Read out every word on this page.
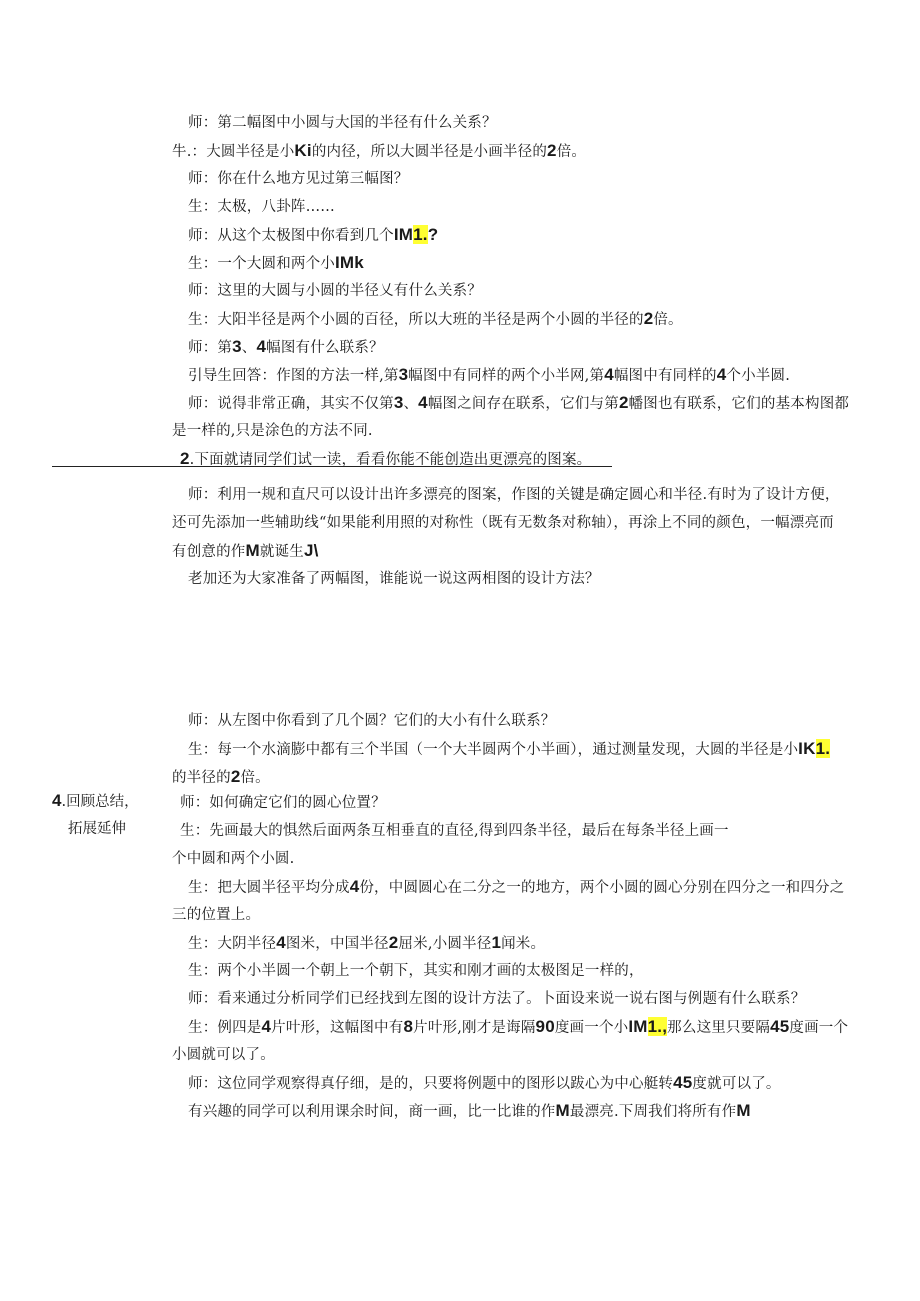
4.回顾总结，
拓展延伸
师：第二幅图中小圆与大国的半径有什么关系？
牛.：大圆半径是小Ki的内径，所以大圆半径是小画半径的2倍。
师：你在什么地方见过第三幅图？
生：太极，八卦阵……
师：从这个太极图中你看到几个IM1.?
生：一个大圆和两个小IMk
师：这里的大圆与小圆的半径乂有什么关系？
生：大阳半径是两个小圆的百径，所以大班的半径是两个小圆的半径的2倍。
师：第3、4幅图有什么联系？
引导生回答：作图的方法一样,第3幅图中有同样的两个小半网,第4幅图中有同样的4个小半圆.
师：说得非常正确，其实不仅第3、4幅图之间存在联系，它们与第2幡图也有联系，它们的基本构图都
是一样的,只是涂色的方法不同.
2.下面就请同学们试一读，看看你能不能创造出更漂亮的图案。
师：利用一规和直尺可以设计出许多漂亮的图案，作图的关键是确定圆心和半径.有时为了设计方便，
还可先添加一些辅助线“如果能利用照的对称性（既有无数条对称轴），再涂上不同的颜色，一幅漂亮而
有创意的作M就诞生J\
老加还为大家准备了两幅图，谁能说一说这两相图的设计方法？
师：从左图中你看到了几个圆？它们的大小有什么联系？
生：每一个水滴膨中都有三个半国（一个大半圆两个小半画），通过测量发现，大圆的半径是小IK1.
的半径的2倍。
师：如何确定它们的圆心位置？
生：先画最大的惧然后面两条互相垂直的直径,得到四条半径，最后在每条半径上画一
个中圆和两个小圆.
生：把大圆半径平均分成4份，中圆圆心在二分之一的地方，两个小圆的圆心分别在四分之一和四分之
三的位置上。
生：大阴半径4图米，中国半径2屈米,小圆半径1闻米。
生：两个小半圆一个朝上一个朝下，其实和刚才画的太极图足一样的，
师：看来通过分析同学们已经找到左图的设计方法了。卜面设来说一说右图与例题有什么联系？
生：例四是4片叶形，这幅图中有8片叶形,刚才是诲隔90度画一个小IM1.,那么这里只要隔45度画一个
小圆就可以了。
师：这位同学观察得真仔细，是的，只要将例题中的图形以跋心为中心艇转45度就可以了。
有兴趣的同学可以利用课余时间，商一画，比一比谁的作M最漂亮.下周我们将所有作M
